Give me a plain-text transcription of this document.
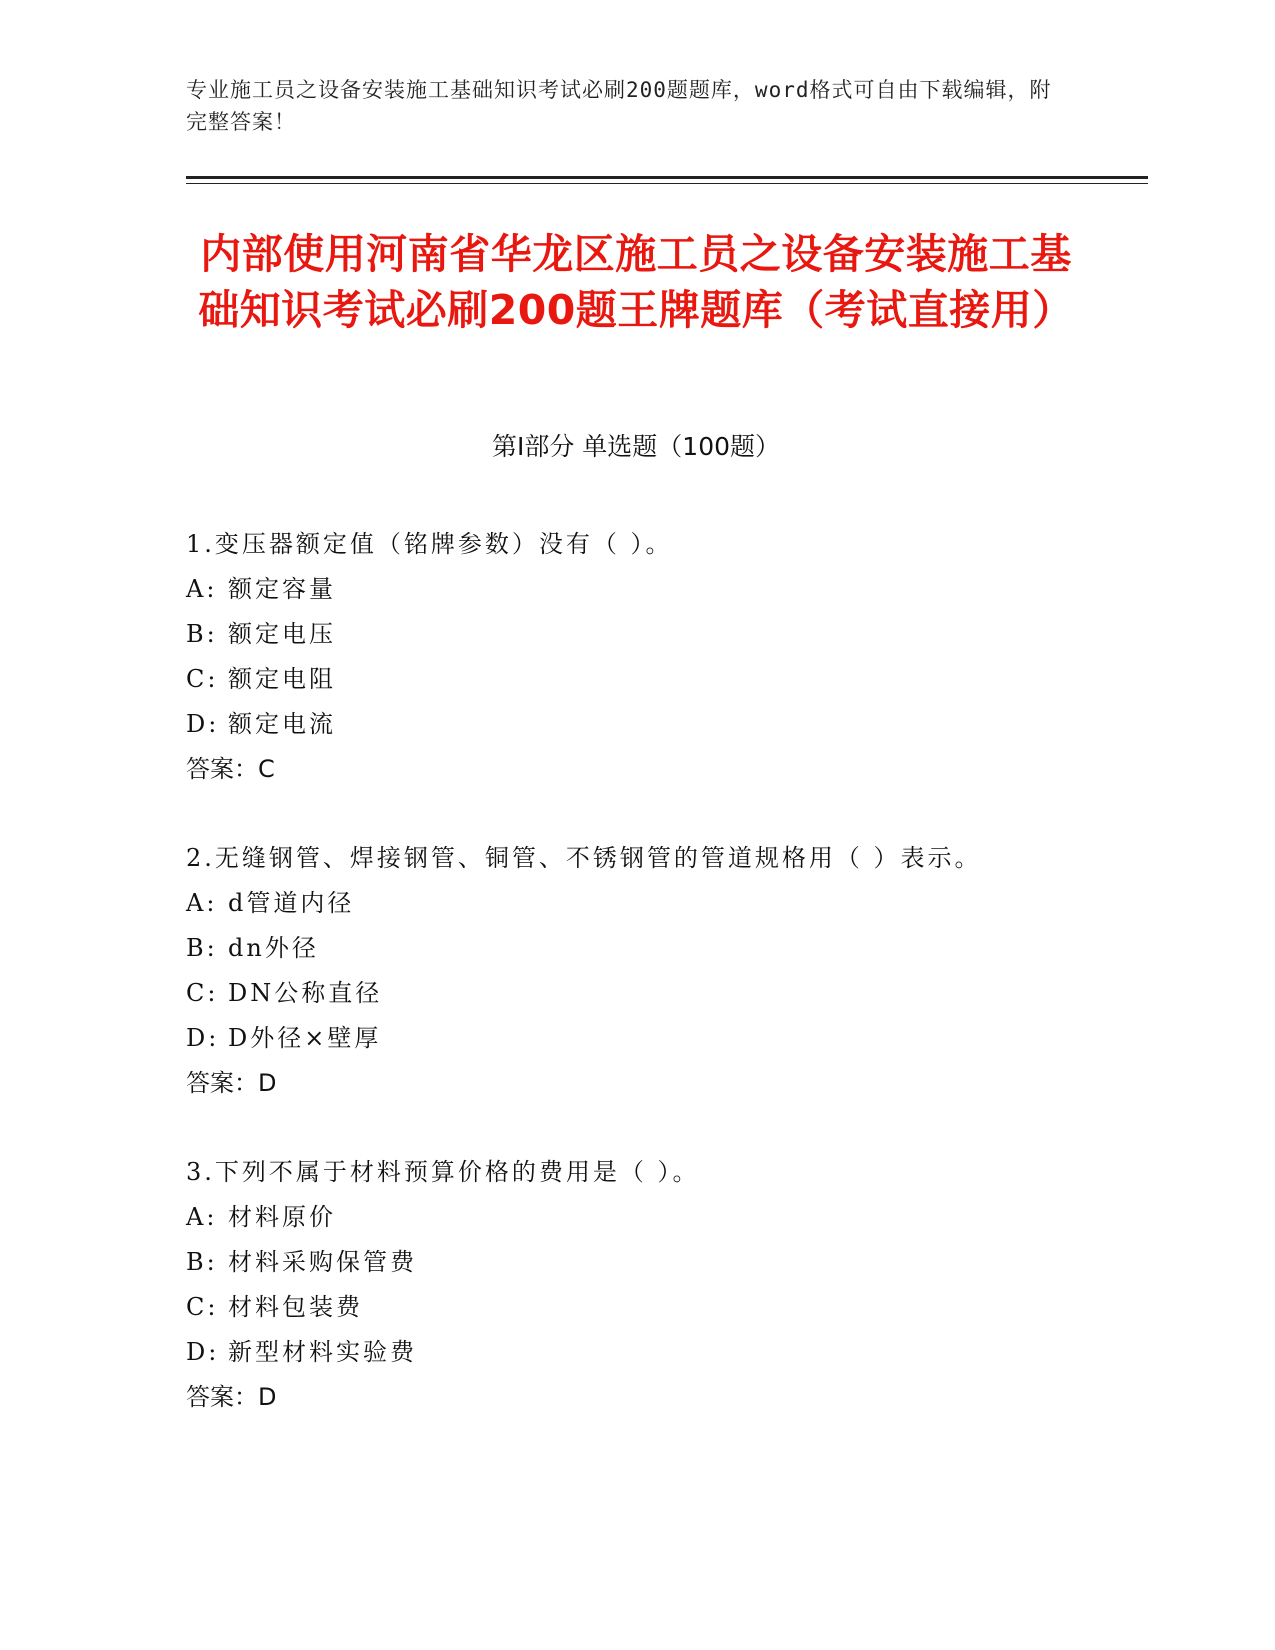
专业施工员之设备安装施工基础知识考试必刷200题题库，word格式可自由下载编辑，附完整答案！
内部使用河南省华龙区施工员之设备安装施工基础知识考试必刷200题王牌题库（考试直接用）
第I部分 单选题（100题）
1.变压器额定值（铭牌参数）没有（ ）。
A: 额定容量
B: 额定电压
C: 额定电阻
D: 额定电流
答案：C
2.无缝钢管、焊接钢管、铜管、不锈钢管的管道规格用（ ）表示。
A: d管道内径
B: dn外径
C: DN公称直径
D: D外径×壁厚
答案：D
3.下列不属于材料预算价格的费用是（ ）。
A: 材料原价
B: 材料采购保管费
C: 材料包装费
D: 新型材料实验费
答案：D
